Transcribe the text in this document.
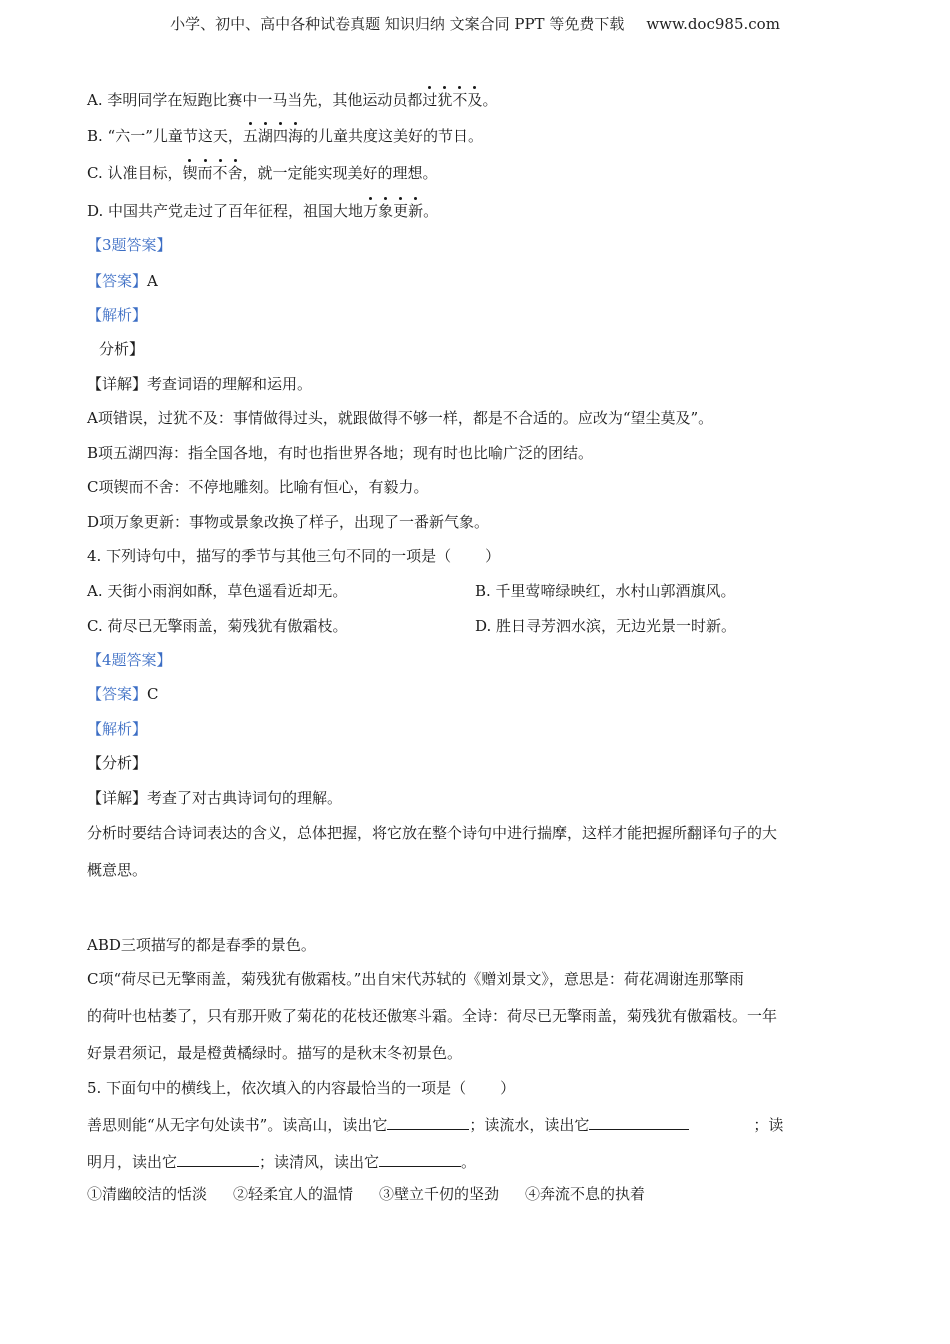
小学、初中、高中各种试卷真题 知识归纳 文案合同 PPT 等免费下载 www.doc985.com
A. 李明同学在短跑比赛中一马当先，其他运动员都过犹不及。
B. “六一”儿童节这天，五湖四海的儿童共度这美好的节日。
C. 认准目标，锲而不舍，就一定能实现美好的理想。
D. 中国共产党走过了百年征程，祖国大地万象更新。
【3题答案】
【答案】A
【解析】
分析】
【详解】考查词语的理解和运用。
A项错误，过犹不及：事情做得过头，就跟做得不够一样，都是不合适的。应改为“望尘莫及”。
B项五湖四海：指全国各地，有时也指世界各地；现有时也比喻广泛的团结。
C项锲而不舍：不停地雕刻。比喻有恒心，有毅力。
D项万象更新：事物或景象改换了样子，出现了一番新气象。
4. 下列诗句中，描写的季节与其他三句不同的一项是（ ）
A. 天街小雨润如酥，草色遥看近却无。	B. 千里莺啼绿映红，水村山郭酒旗风。
C. 荷尽已无擎雨盖，菊残犹有傲霜枝。	D. 胜日寻芳泗水滨，无边光景一时新。
【4题答案】
【答案】C
【解析】
【分析】
【详解】考查了对古典诗词句的理解。
分析时要结合诗词表达的含义，总体把握，将它放在整个诗句中进行揣摩，这样才能把握所翻译句子的大
概意思。
ABD三项描写的都是春季的景色。
C项“荷尽已无擎雨盖，菊残犹有傲霜枝。”出自宋代苏轼的《赠刘景文》，意思是：荷花凋谢连那擎雨
的荷叶也枯萎了，只有那开败了菊花的花枝还傲寒斗霜。全诗：荷尽已无擎雨盖，菊残犹有傲霜枝。一年
好景君须记，最是橙黄橘绿时。描写的是秋末冬初景色。
5. 下面句中的横线上，依次填入的内容最恰当的一项是（ ）
善思则能“从无字句处读书”。读高山，读出它	；读流水，读出它	；读
明月，读出它	；读清风，读出它	。
①清幽皎洁的恬淡 ②轻柔宜人的温情 ③壁立千仞的坚劲 ④奔流不息的执着
